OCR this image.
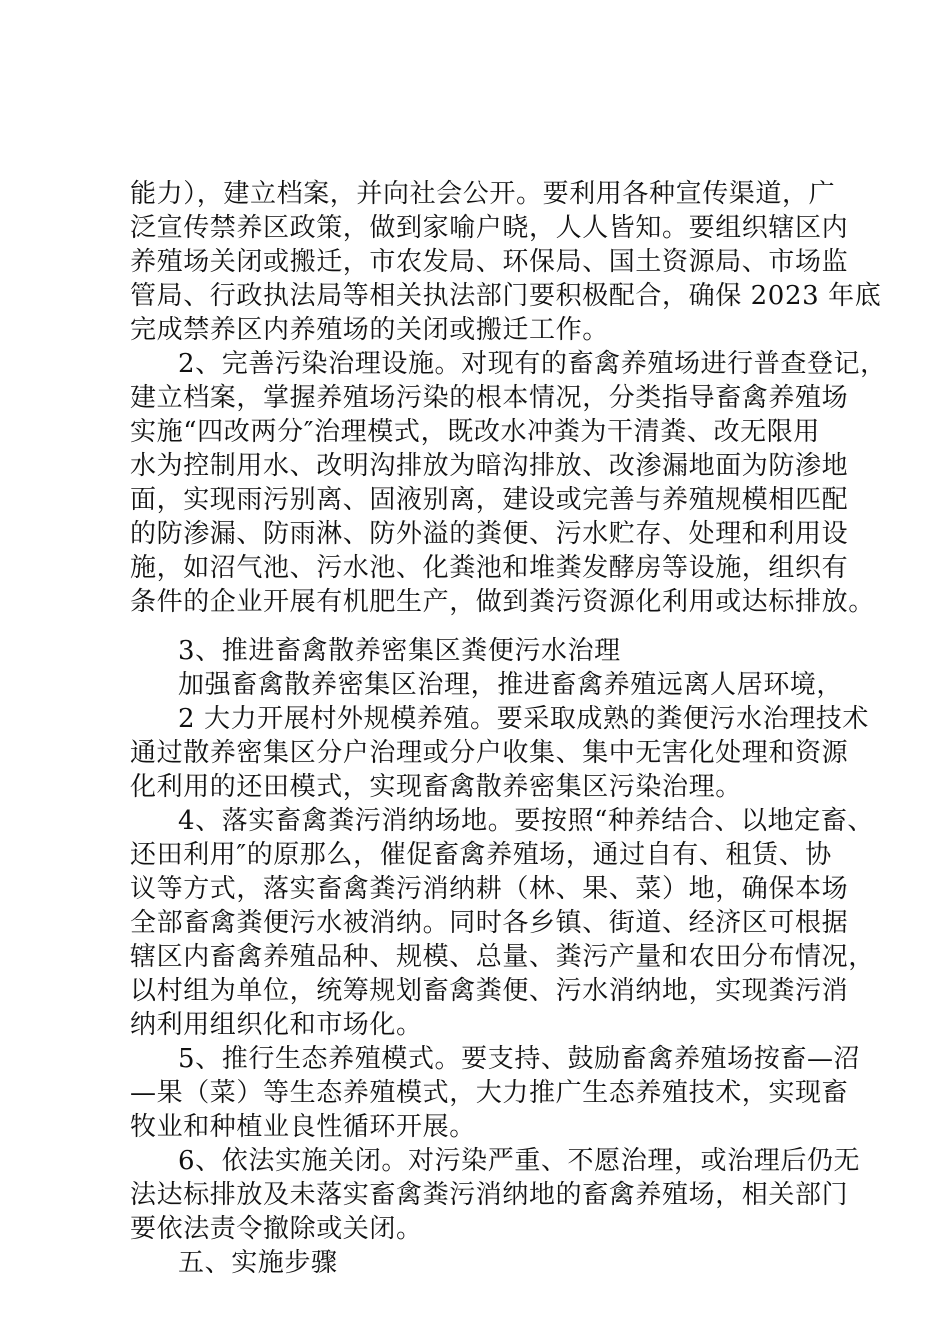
能力），建立档案，并向社会公开。要利用各种宣传渠道，广
泛宣传禁养区政策，做到家喻户晓，人人皆知。要组织辖区内
养殖场关闭或搬迁，市农发局、环保局、国土资源局、市场监
管局、行政执法局等相关执法部门要积极配合，确保 2023 年底
完成禁养区内养殖场的关闭或搬迁工作。
2、完善污染治理设施。对现有的畜禽养殖场进行普查登记，
建立档案，掌握养殖场污染的根本情况，分类指导畜禽养殖场
实施“四改两分″治理模式，既改水冲粪为干清粪、改无限用
水为控制用水、改明沟排放为暗沟排放、改渗漏地面为防渗地
面，实现雨污别离、固液别离，建设或完善与养殖规模相匹配
的防渗漏、防雨淋、防外溢的粪便、污水贮存、处理和利用设
施，如沼气池、污水池、化粪池和堆粪发酵房等设施，组织有
条件的企业开展有机肥生产，做到粪污资源化利用或达标排放。
3、推进畜禽散养密集区粪便污水治理
加强畜禽散养密集区治理，推进畜禽养殖远离人居环境，
2 大力开展村外规模养殖。要采取成熟的粪便污水治理技术
通过散养密集区分户治理或分户收集、集中无害化处理和资源
化利用的还田模式，实现畜禽散养密集区污染治理。
4、落实畜禽粪污消纳场地。要按照“种养结合、以地定畜、
还田利用″的原那么，催促畜禽养殖场，通过自有、租赁、协
议等方式，落实畜禽粪污消纳耕（林、果、菜）地，确保本场
全部畜禽粪便污水被消纳。同时各乡镇、街道、经济区可根据
辖区内畜禽养殖品种、规模、总量、粪污产量和农田分布情况，
以村组为单位，统筹规划畜禽粪便、污水消纳地，实现粪污消
纳利用组织化和市场化。
5、推行生态养殖模式。要支持、鼓励畜禽养殖场按畜—沼
—果（菜）等生态养殖模式，大力推广生态养殖技术，实现畜
牧业和种植业良性循环开展。
6、依法实施关闭。对污染严重、不愿治理，或治理后仍无
法达标排放及未落实畜禽粪污消纳地的畜禽养殖场，相关部门
要依法责令撤除或关闭。
五、实施步骤
